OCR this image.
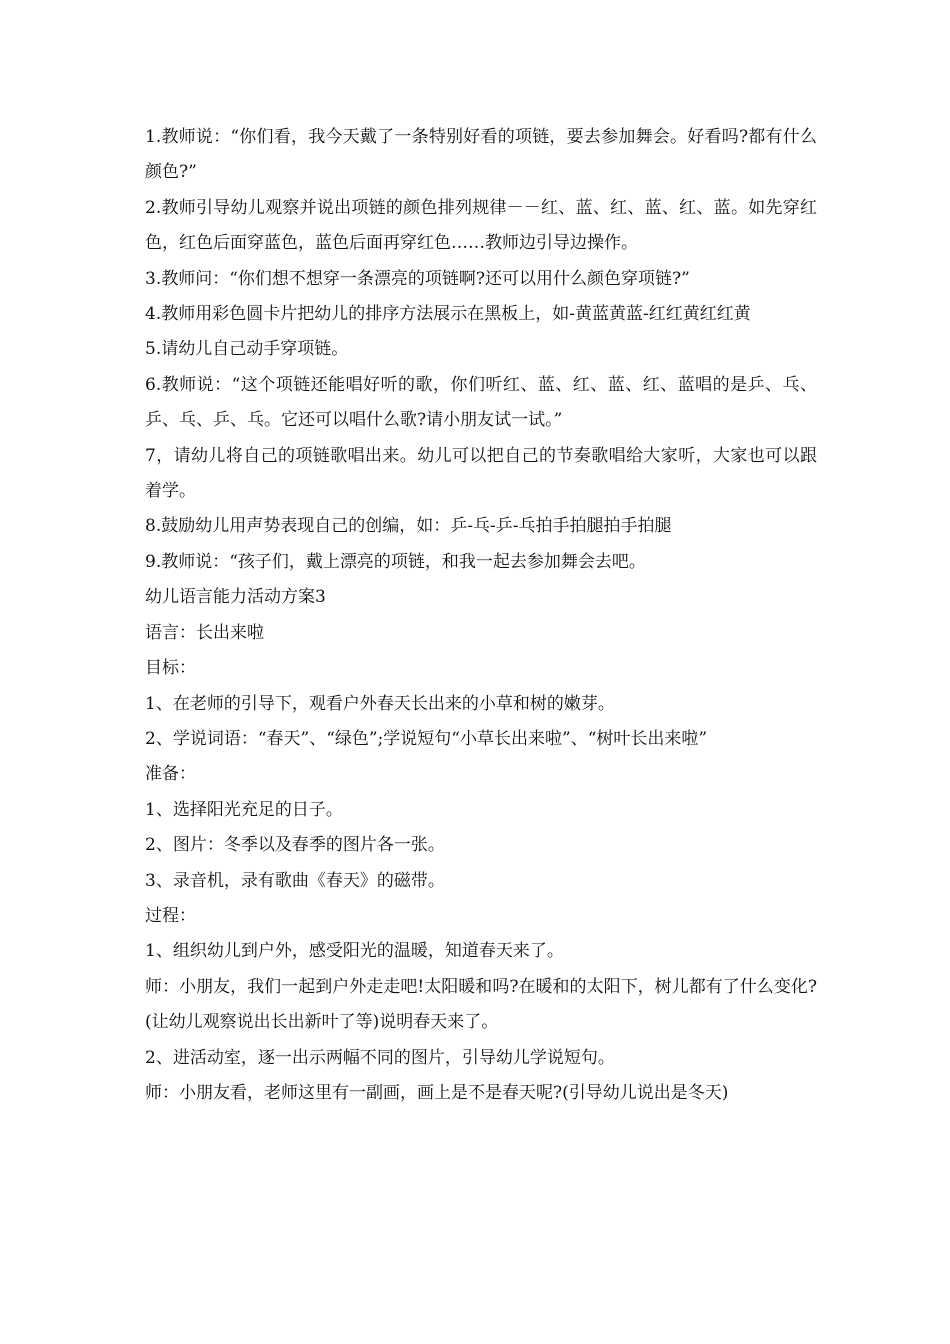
1.教师说：“你们看，我今天戴了一条特别好看的项链，要去参加舞会。好看吗?都有什么颜色?”

2.教师引导幼儿观察并说出项链的颜色排列规律－－红、蓝、红、蓝、红、蓝。如先穿红色，红色后面穿蓝色，蓝色后面再穿红色……教师边引导边操作。

3.教师问：“你们想不想穿一条漂亮的项链啊?还可以用什么颜色穿项链?”

4.教师用彩色圆卡片把幼儿的排序方法展示在黑板上，如-黄蓝黄蓝-红红黄红红黄

5.请幼儿自己动手穿项链。

6.教师说：“这个项链还能唱好听的歌，你们听红、蓝、红、蓝、红、蓝唱的是乒、乓、乒、乓、乒、乓。它还可以唱什么歌?请小朋友试一试。”

7，请幼儿将自己的项链歌唱出来。幼儿可以把自己的节奏歌唱给大家听，大家也可以跟着学。

8.鼓励幼儿用声势表现自己的创编，如：乒-乓-乒-乓拍手拍腿拍手拍腿

9.教师说：“孩子们，戴上漂亮的项链，和我一起去参加舞会去吧。

幼儿语言能力活动方案3

语言：长出来啦

目标：

1、在老师的引导下，观看户外春天长出来的小草和树的嫩芽。

2、学说词语：“春天”、“绿色”;学说短句“小草长出来啦”、“树叶长出来啦”

准备：

1、选择阳光充足的日子。

2、图片：冬季以及春季的图片各一张。

3、录音机，录有歌曲《春天》的磁带。

过程：

1、组织幼儿到户外，感受阳光的温暖，知道春天来了。

师：小朋友，我们一起到户外走走吧!太阳暖和吗?在暖和的太阳下，树儿都有了什么变化?(让幼儿观察说出长出新叶了等)说明春天来了。

2、进活动室，逐一出示两幅不同的图片，引导幼儿学说短句。

师：小朋友看，老师这里有一副画，画上是不是春天呢?(引导幼儿说出是冬天)
